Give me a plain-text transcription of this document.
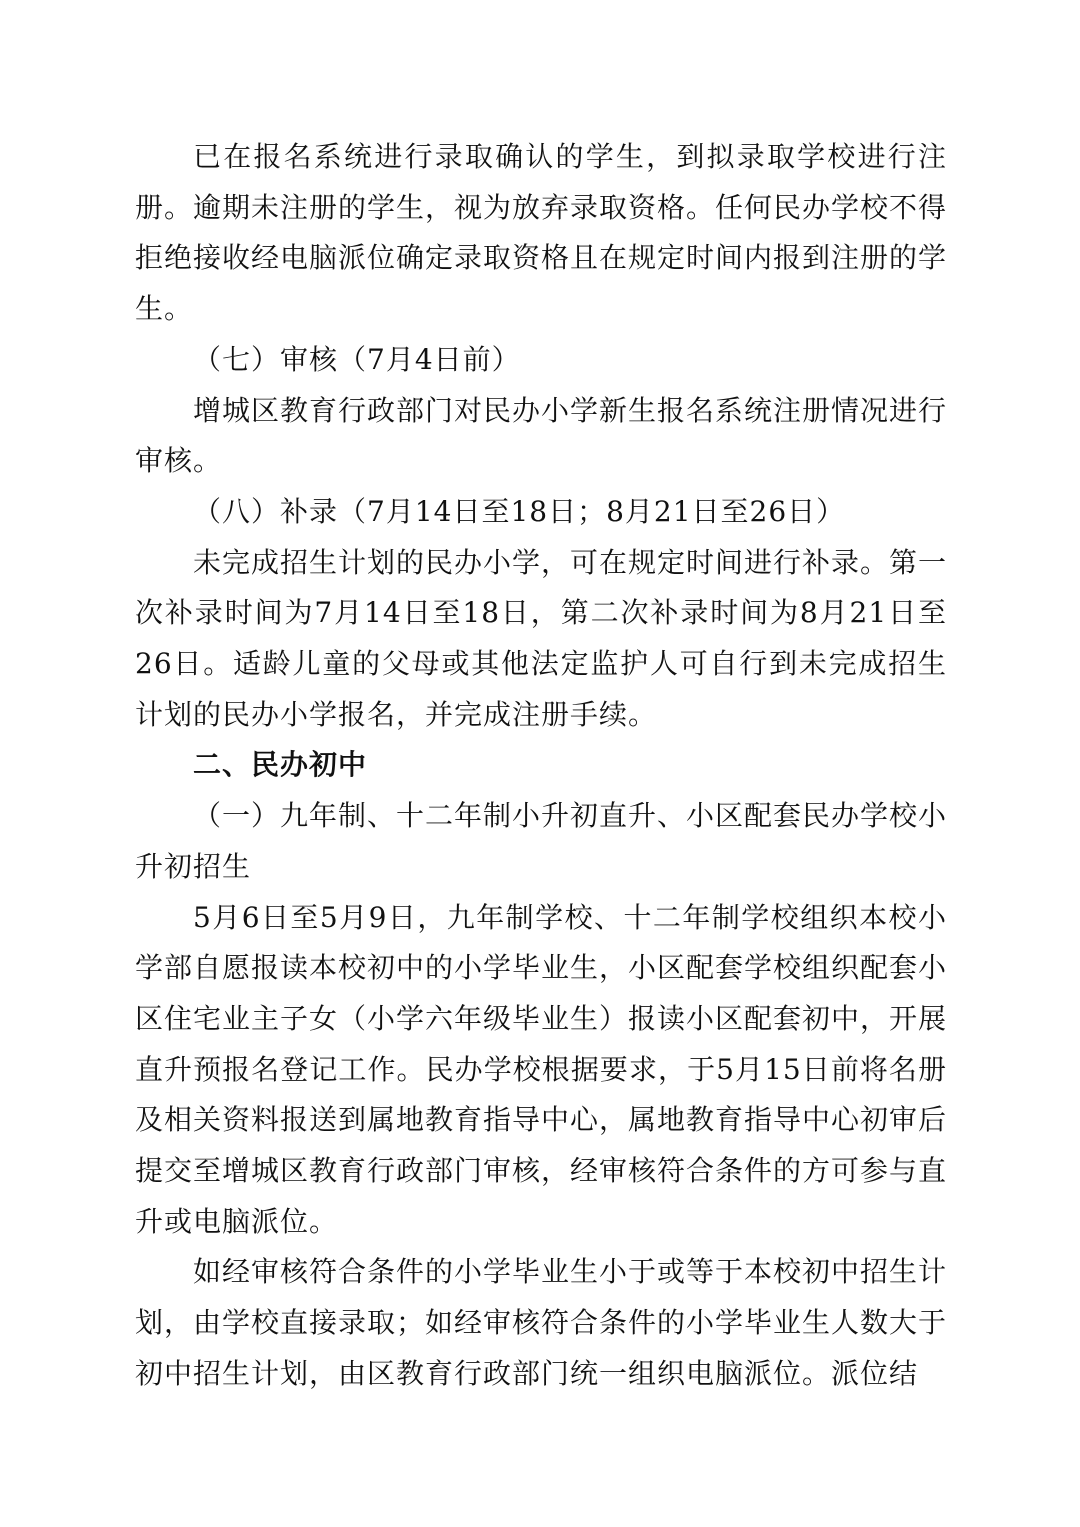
已在报名系统进行录取确认的学生，到拟录取学校进行注册。逾期未注册的学生，视为放弃录取资格。任何民办学校不得拒绝接收经电脑派位确定录取资格且在规定时间内报到注册的学生。

（七）审核（7月4日前）

增城区教育行政部门对民办小学新生报名系统注册情况进行审核。

（八）补录（7月14日至18日；8月21日至26日）

未完成招生计划的民办小学，可在规定时间进行补录。第一次补录时间为7月14日至18日，第二次补录时间为8月21日至26日。适龄儿童的父母或其他法定监护人可自行到未完成招生计划的民办小学报名，并完成注册手续。

二、民办初中

（一）九年制、十二年制小升初直升、小区配套民办学校小升初招生

5月6日至5月9日，九年制学校、十二年制学校组织本校小学部自愿报读本校初中的小学毕业生，小区配套学校组织配套小区住宅业主子女（小学六年级毕业生）报读小区配套初中，开展直升预报名登记工作。民办学校根据要求，于5月15日前将名册及相关资料报送到属地教育指导中心，属地教育指导中心初审后提交至增城区教育行政部门审核，经审核符合条件的方可参与直升或电脑派位。

如经审核符合条件的小学毕业生小于或等于本校初中招生计划，由学校直接录取；如经审核符合条件的小学毕业生人数大于初中招生计划，由区教育行政部门统一组织电脑派位。派位结
